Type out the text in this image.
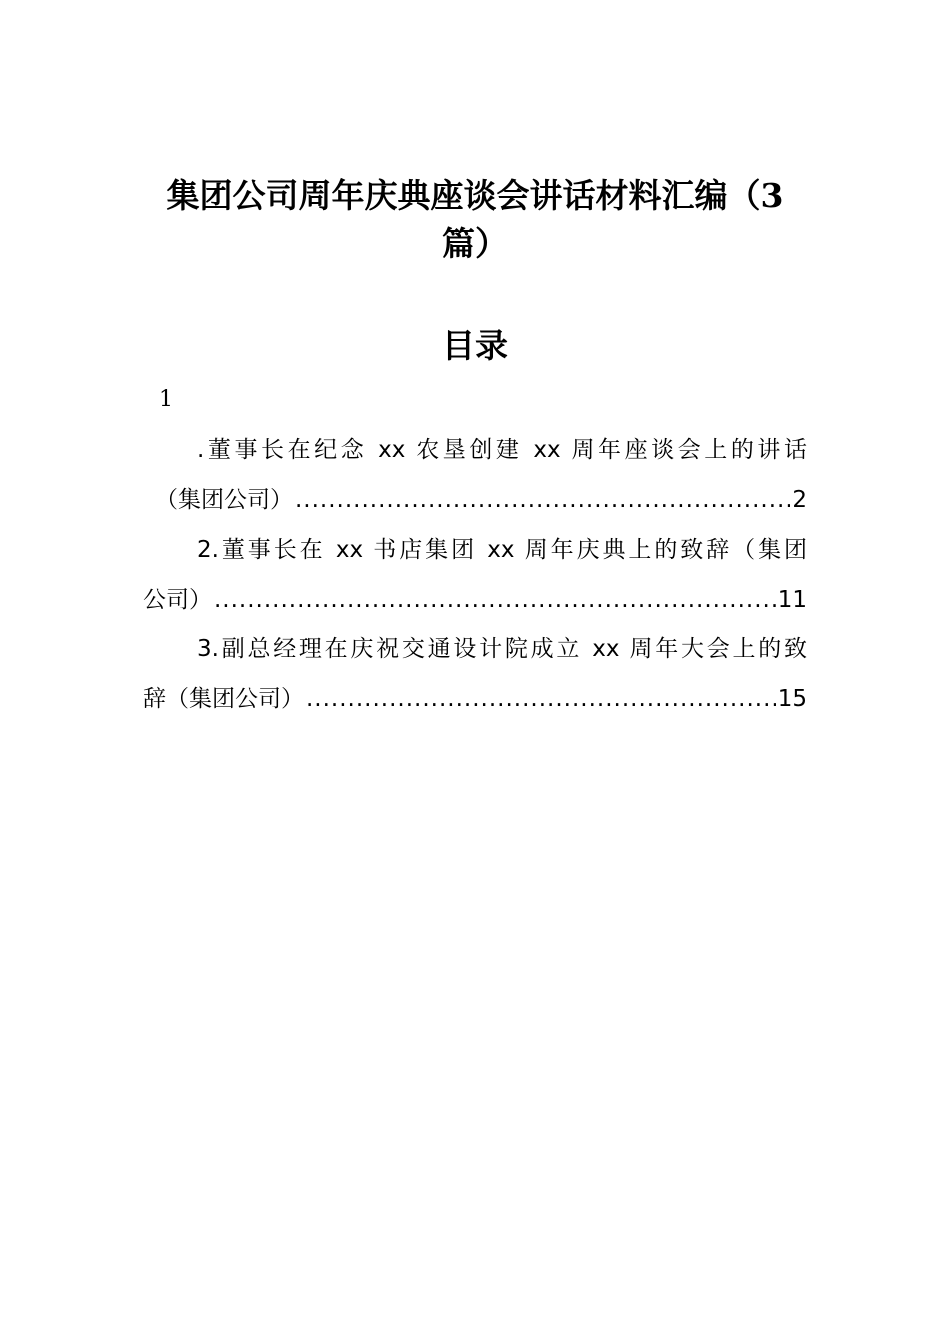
集团公司周年庆典座谈会讲话材料汇编（3
篇）
目录
1
.董事长在纪念 xx 农垦创建 xx 周年座谈会上的讲话
（集团公司） .....	2
2.董事长在 xx 书店集团 xx 周年庆典上的致辞（集团
公司） .....	11
3.副总经理在庆祝交通设计院成立 xx 周年大会上的致
辞（集团公司） .....	15
